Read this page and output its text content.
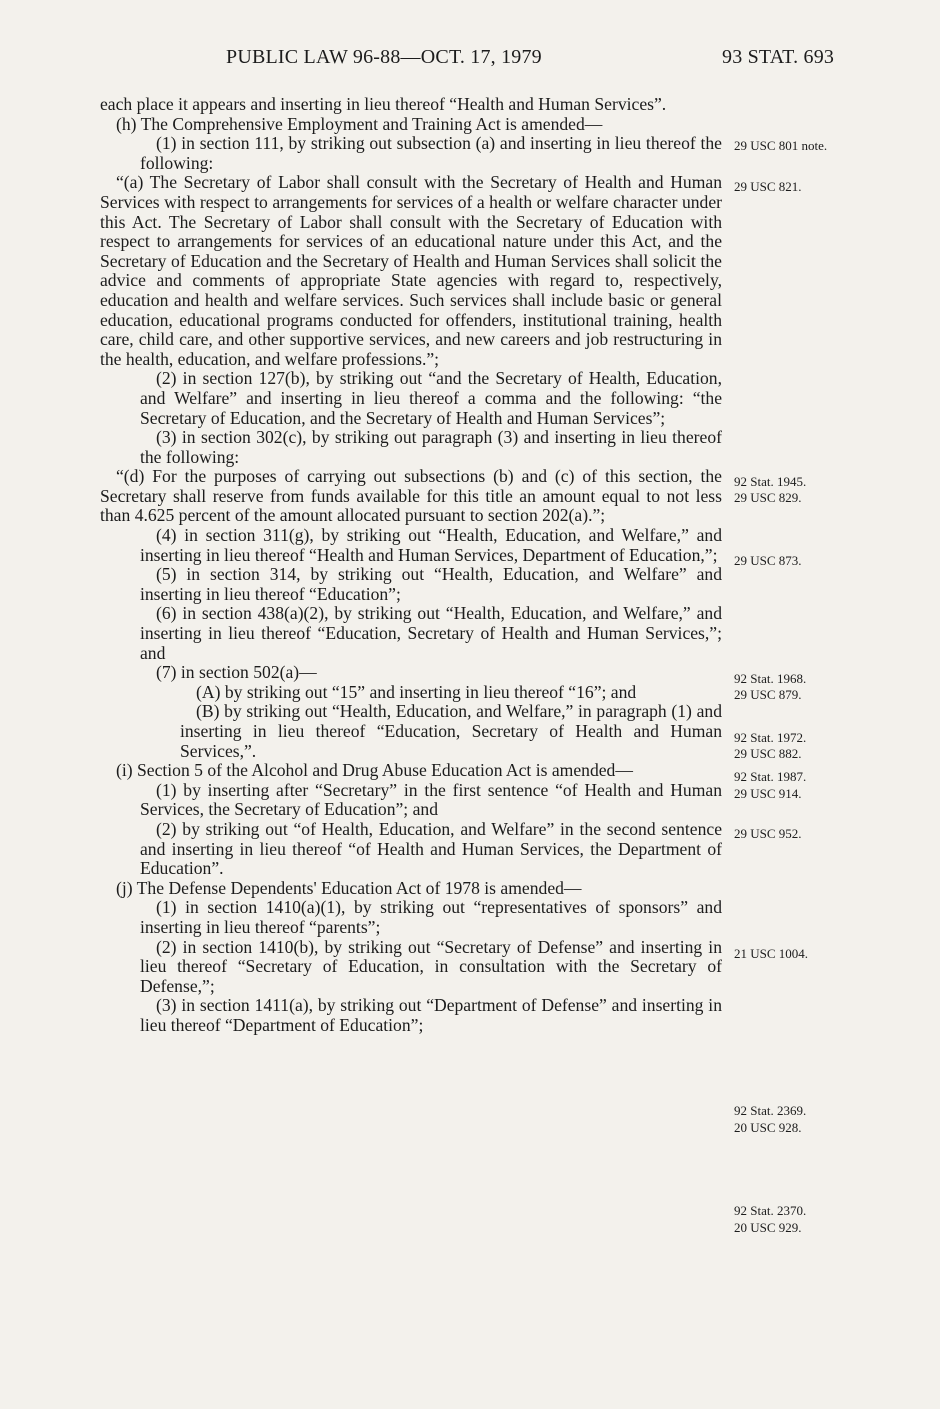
PUBLIC LAW 96-88—OCT. 17, 1979	93 STAT. 693

each place it appears and inserting in lieu thereof “Health and Human Services”.

(h) The Comprehensive Employment and Training Act is amended—

(1) in section 111, by striking out subsection (a) and inserting in lieu thereof the following:

“(a) The Secretary of Labor shall consult with the Secretary of Health and Human Services with respect to arrangements for services of a health or welfare character under this Act. The Secretary of Labor shall consult with the Secretary of Education with respect to arrangements for services of an educational nature under this Act, and the Secretary of Education and the Secretary of Health and Human Services shall solicit the advice and comments of appropriate State agencies with regard to, respectively, education and health and welfare services. Such services shall include basic or general education, educational programs conducted for offenders, institutional training, health care, child care, and other supportive services, and new careers and job restructuring in the health, education, and welfare professions.”;

(2) in section 127(b), by striking out “and the Secretary of Health, Education, and Welfare” and inserting in lieu thereof a comma and the following: “the Secretary of Education, and the Secretary of Health and Human Services”;

(3) in section 302(c), by striking out paragraph (3) and inserting in lieu thereof the following:

“(d) For the purposes of carrying out subsections (b) and (c) of this section, the Secretary shall reserve from funds available for this title an amount equal to not less than 4.625 percent of the amount allocated pursuant to section 202(a).”;

(4) in section 311(g), by striking out “Health, Education, and Welfare,” and inserting in lieu thereof “Health and Human Services, Department of Education,”;

(5) in section 314, by striking out “Health, Education, and Welfare” and inserting in lieu thereof “Education”;

(6) in section 438(a)(2), by striking out “Health, Education, and Welfare,” and inserting in lieu thereof “Education, Secretary of Health and Human Services,”; and

(7) in section 502(a)—

(A) by striking out “15” and inserting in lieu thereof “16”; and

(B) by striking out “Health, Education, and Welfare,” in paragraph (1) and inserting in lieu thereof “Education, Secretary of Health and Human Services,”.

(i) Section 5 of the Alcohol and Drug Abuse Education Act is amended—

(1) by inserting after “Secretary” in the first sentence “of Health and Human Services, the Secretary of Education”; and

(2) by striking out “of Health, Education, and Welfare” in the second sentence and inserting in lieu thereof “of Health and Human Services, the Department of Education”.

(j) The Defense Dependents' Education Act of 1978 is amended—

(1) in section 1410(a)(1), by striking out “representatives of sponsors” and inserting in lieu thereof “parents”;

(2) in section 1410(b), by striking out “Secretary of Defense” and inserting in lieu thereof “Secretary of Education, in consultation with the Secretary of Defense,”;

(3) in section 1411(a), by striking out “Department of Defense” and inserting in lieu thereof “Department of Education”;

29 USC 801 note.
29 USC 821.
92 Stat. 1945.
29 USC 829.
29 USC 873.
92 Stat. 1968.
29 USC 879.
92 Stat. 1972.
29 USC 882.
92 Stat. 1987.
29 USC 914.
29 USC 952.
21 USC 1004.
92 Stat. 2369.
20 USC 928.
92 Stat. 2370.
20 USC 929.
